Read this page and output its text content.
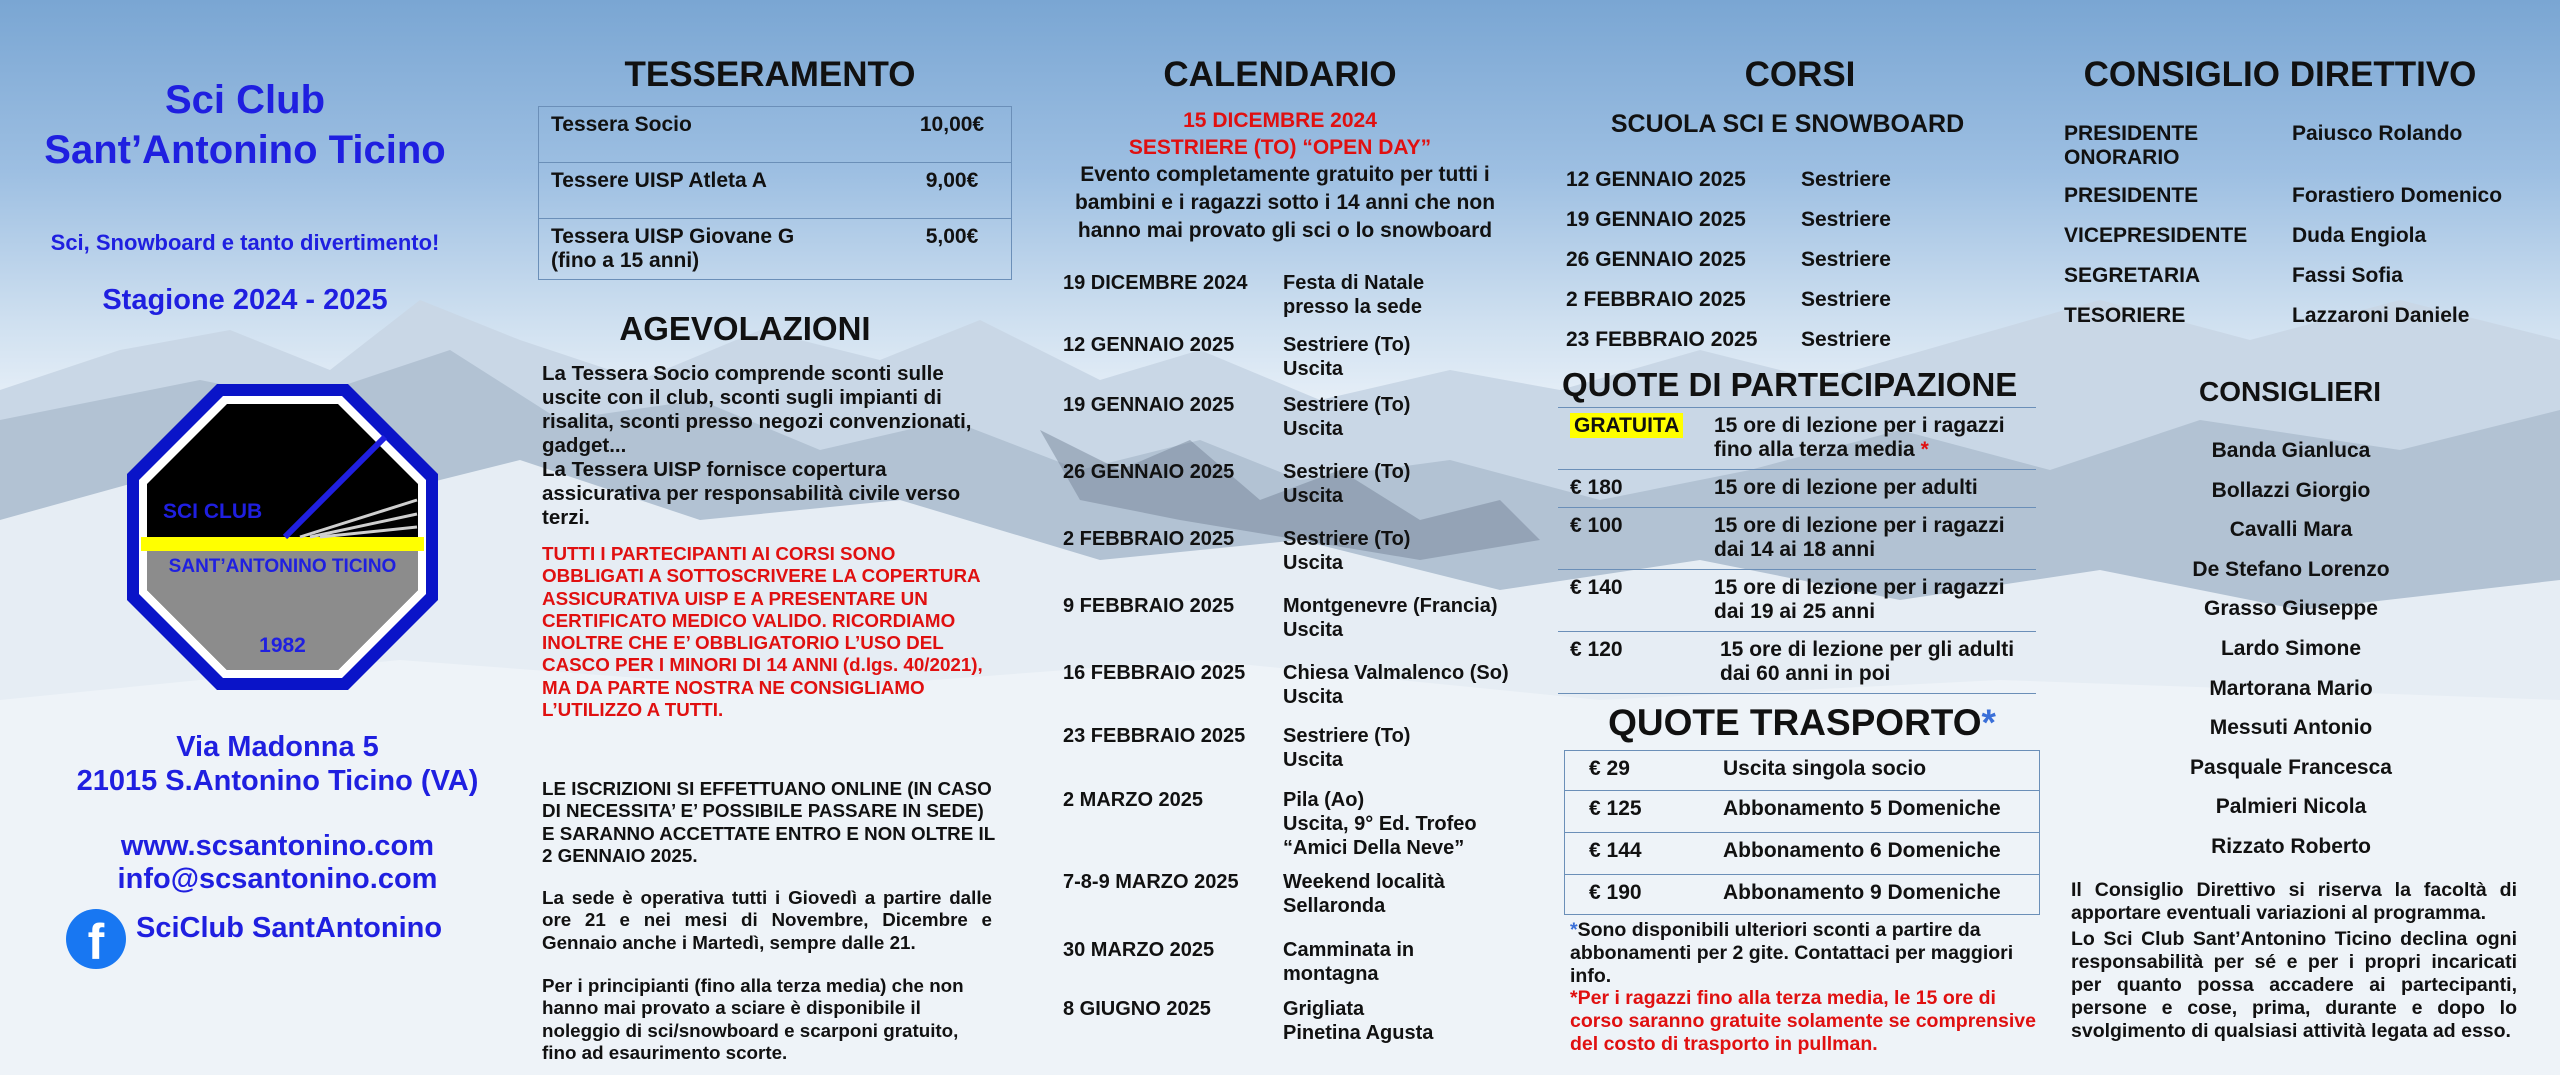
Sci Club
Sant’Antonino Ticino
Sci, Snowboard e tanto divertimento!
Stagione 2024 - 2025
SCI CLUB
SANT’ANTONINO TICINO
1982
Via Madonna 5
21015 S.Antonino Ticino (VA)
www.scsantonino.com
info@scsantonino.com
f	SciClub SantAntonino
TESSERAMENTO
Tessera Socio	10,00€
Tessere UISP Atleta A	9,00€

Tessera UISP Giovane G
(fino a 15 anni)	5,00€
AGEVOLAZIONI
La Tessera Socio comprende sconti sulle uscite con il club, sconti sugli impianti di risalita, sconti presso negozi convenzionati, gadget...
La Tessera UISP fornisce copertura assicurativa per responsabilità civile verso terzi.
TUTTI I PARTECIPANTI AI CORSI SONO OBBLIGATI A SOTTOSCRIVERE LA COPERTURA ASSICURATIVA UISP E A PRESENTARE UN CERTIFICATO MEDICO VALIDO. RICORDIAMO INOLTRE CHE E’ OBBLIGATORIO L’USO DEL CASCO PER I MINORI DI 14 ANNI (d.lgs. 40/2021), MA DA PARTE NOSTRA NE CONSIGLIAMO L’UTILIZZO A TUTTI.
LE ISCRIZIONI SI EFFETTUANO ONLINE (IN CASO DI NECESSITA’ E’ POSSIBILE PASSARE IN SEDE) E SARANNO ACCETTATE ENTRO E NON OLTRE IL 2 GENNAIO 2025.
La sede è operativa tutti i Giovedì a partire dalle ore 21 e nei mesi di Novembre, Dicembre e Gennaio anche i Martedì, sempre dalle 21.
Per i principianti (fino alla terza media) che non hanno mai provato a sciare è disponibile il noleggio di sci/snowboard e scarponi gratuito, fino ad esaurimento scorte.
CALENDARIO
15 DICEMBRE 2024
SESTRIERE (TO) “OPEN DAY”
Evento completamente gratuito per tutti i bambini e i ragazzi sotto i 14 anni che non hanno mai provato gli sci o lo snowboard
19 DICEMBRE 2024	Festa di Natale
presso la sede

12 GENNAIO 2025	Sestriere (To)
Uscita

19 GENNAIO 2025	Sestriere (To)
Uscita

26 GENNAIO 2025	Sestriere (To)
Uscita

2 FEBBRAIO 2025	Sestriere (To)
Uscita

9 FEBBRAIO 2025	Montgenevre (Francia)
Uscita

16 FEBBRAIO 2025	Chiesa Valmalenco (So)
Uscita

23 FEBBRAIO 2025	Sestriere (To)
Uscita

2 MARZO 2025	Pila (Ao)
Uscita, 9° Ed. Trofeo
“Amici Della Neve”

7-8-9 MARZO 2025	Weekend località
Sellaronda

30 MARZO 2025	Camminata in
montagna

8 GIUGNO 2025	Grigliata
Pinetina Agusta
CORSI
SCUOLA SCI E SNOWBOARD
12 GENNAIO 2025	Sestriere
19 GENNAIO 2025	Sestriere
26 GENNAIO 2025	Sestriere
2 FEBBRAIO 2025	Sestriere
23 FEBBRAIO 2025	Sestriere
QUOTE DI PARTECIPAZIONE
GRATUITA	15 ore di lezione per i ragazzi
fino alla terza media *
€ 180	15 ore di lezione per adulti
€ 100	15 ore di lezione per i ragazzi
dai 14 ai 18 anni

€ 140	15 ore di lezione per i ragazzi
dai 19 ai 25 anni

€ 120	15 ore di lezione per gli adulti
dai 60 anni in poi
QUOTE TRASPORTO*
€ 29	Uscita singola socio
€ 125	Abbonamento 5 Domeniche
€ 144	Abbonamento 6 Domeniche
€ 190	Abbonamento 9 Domeniche
*Sono disponibili ulteriori sconti a partire da abbonamenti per 2 gite. Contattaci per maggiori info.
*Per i ragazzi fino alla terza media, le 15 ore di corso saranno gratuite solamente se comprensive del costo di trasporto in pullman.
CONSIGLIO DIRETTIVO
PRESIDENTE ONORARIO	Paiusco Rolando
PRESIDENTE	Forastiero Domenico
VICEPRESIDENTE	Duda Engiola
SEGRETARIA	Fassi Sofia
TESORIERE	Lazzaroni Daniele
CONSIGLIERI
Banda Gianluca
Bollazzi Giorgio
Cavalli Mara
De Stefano Lorenzo
Grasso Giuseppe
Lardo Simone
Martorana Mario
Messuti Antonio
Pasquale Francesca
Palmieri Nicola
Rizzato Roberto
Il Consiglio Direttivo si riserva la facoltà di apportare eventuali variazioni al programma.
Lo Sci Club Sant’Antonino Ticino declina ogni responsabilità per sé e per i propri incaricati per quanto possa accadere ai partecipanti, persone e cose, prima, durante e dopo lo svolgimento di qualsiasi attività legata ad esso.
